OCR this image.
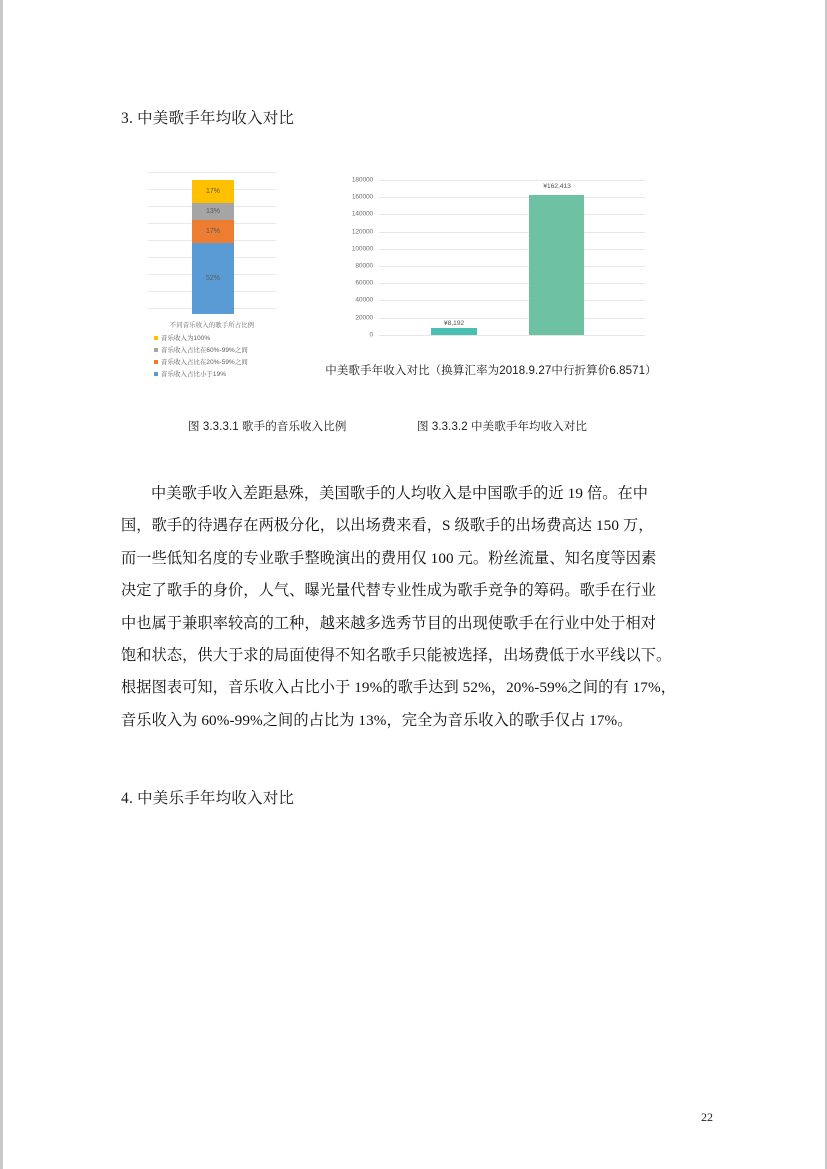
3. 中美歌手年均收入对比
17%
13%
17%
52%
不同音乐收入的歌手所占比例
音乐收入为100%
音乐收入占比在60%-99%之间
音乐收入占比在20%-59%之间
音乐收入占比小于19%
180000
160000
140000
120000
100000
80000
60000
40000
20000
0
¥8,192
¥162,413
中美歌手年收入对比（换算汇率为2018.9.27中行折算价6.8571）
图 3.3.3.1 歌手的音乐收入比例	图 3.3.3.2 中美歌手年均收入对比
中美歌手收入差距悬殊，美国歌手的人均收入是中国歌手的近 19 倍。在中
国，歌手的待遇存在两极分化，以出场费来看，S 级歌手的出场费高达 150 万，
而一些低知名度的专业歌手整晚演出的费用仅 100 元。粉丝流量、知名度等因素
决定了歌手的身价，人气、曝光量代替专业性成为歌手竞争的筹码。歌手在行业
中也属于兼职率较高的工种，越来越多选秀节目的出现使歌手在行业中处于相对
饱和状态，供大于求的局面使得不知名歌手只能被选择，出场费低于水平线以下。
根据图表可知，音乐收入占比小于 19%的歌手达到 52%，20%-59%之间的有 17%，
音乐收入为 60%-99%之间的占比为 13%，完全为音乐收入的歌手仅占 17%。
4. 中美乐手年均收入对比
22
